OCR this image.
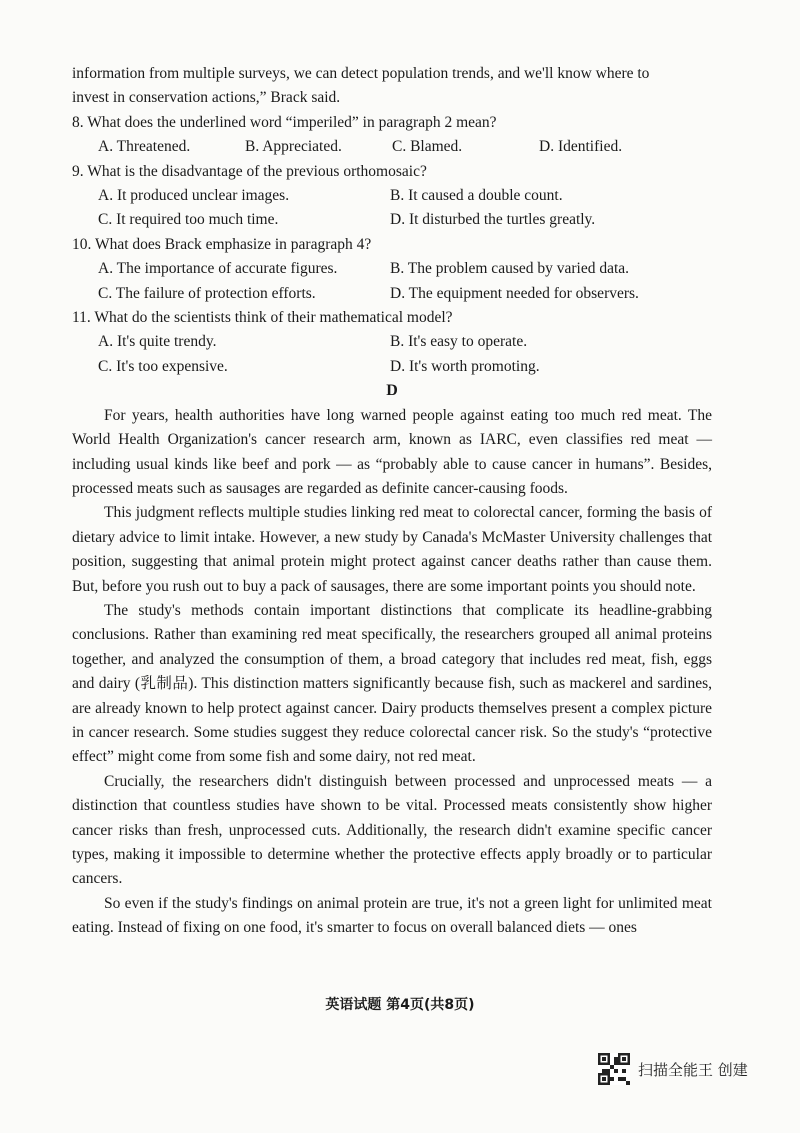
information from multiple surveys, we can detect population trends, and we'll know where to
invest in conservation actions,” Brack said.
8. What does the underlined word “imperiled” in paragraph 2 mean?
A. Threatened.	B. Appreciated.	C. Blamed.	D. Identified.
9. What is the disadvantage of the previous orthomosaic?
A. It produced unclear images.	B. It caused a double count.
C. It required too much time.	D. It disturbed the turtles greatly.
10. What does Brack emphasize in paragraph 4?
A. The importance of accurate figures.	B. The problem caused by varied data.
C. The failure of protection efforts.	D. The equipment needed for observers.
11. What do the scientists think of their mathematical model?
A. It's quite trendy.	B. It's easy to operate.
C. It's too expensive.	D. It's worth promoting.
D

For years, health authorities have long warned people against eating too much red meat. The World Health Organization's cancer research arm, known as IARC, even classifies red meat — including usual kinds like beef and pork — as “probably able to cause cancer in humans”. Besides, processed meats such as sausages are regarded as definite cancer-causing foods.

This judgment reflects multiple studies linking red meat to colorectal cancer, forming the basis of dietary advice to limit intake. However, a new study by Canada's McMaster University challenges that position, suggesting that animal protein might protect against cancer deaths rather than cause them. But, before you rush out to buy a pack of sausages, there are some important points you should note.

The study's methods contain important distinctions that complicate its headline-grabbing conclusions. Rather than examining red meat specifically, the researchers grouped all animal proteins together, and analyzed the consumption of them, a broad category that includes red meat, fish, eggs and dairy (乳制品). This distinction matters significantly because fish, such as mackerel and sardines, are already known to help protect against cancer. Dairy products themselves present a complex picture in cancer research. Some studies suggest they reduce colorectal cancer risk. So the study's “protective effect” might come from some fish and some dairy, not red meat.

Crucially, the researchers didn't distinguish between processed and unprocessed meats — a distinction that countless studies have shown to be vital. Processed meats consistently show higher cancer risks than fresh, unprocessed cuts. Additionally, the research didn't examine specific cancer types, making it impossible to determine whether the protective effects apply broadly or to particular cancers.

So even if the study's findings on animal protein are true, it's not a green light for unlimited meat eating. Instead of fixing on one food, it's smarter to focus on overall balanced diets — ones

英语试题 第4页(共8页)
扫描全能王 创建
